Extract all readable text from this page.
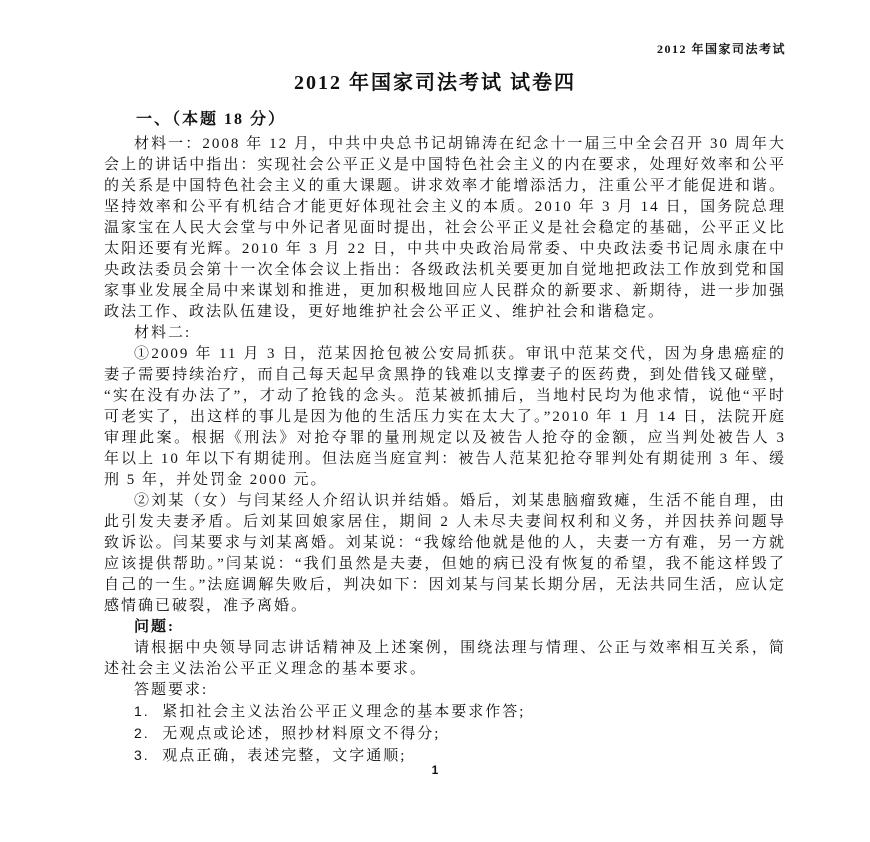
2012 年国家司法考试
2012 年国家司法考试 试卷四
一、（本题 18 分）

材料一：2008 年 12 月，中共中央总书记胡锦涛在纪念十一届三中全会召开 30 周年大会上的讲话中指出：实现社会公平正义是中国特色社会主义的内在要求，处理好效率和公平的关系是中国特色社会主义的重大课题。讲求效率才能增添活力，注重公平才能促进和谐。坚持效率和公平有机结合才能更好体现社会主义的本质。2010 年 3 月 14 日，国务院总理温家宝在人民大会堂与中外记者见面时提出，社会公平正义是社会稳定的基础，公平正义比太阳还要有光辉。2010 年 3 月 22 日，中共中央政治局常委、中央政法委书记周永康在中央政法委员会第十一次全体会议上指出：各级政法机关要更加自觉地把政法工作放到党和国家事业发展全局中来谋划和推进，更加积极地回应人民群众的新要求、新期待，进一步加强政法工作、政法队伍建设，更好地维护社会公平正义、维护社会和谐稳定。

材料二:

①2009 年 11 月 3 日，范某因抢包被公安局抓获。审讯中范某交代，因为身患癌症的妻子需要持续治疗，而自己每天起早贪黑挣的钱难以支撑妻子的医药费，到处借钱又碰壁，“实在没有办法了”，才动了抢钱的念头。范某被抓捕后，当地村民均为他求情，说他“平时可老实了，出这样的事儿是因为他的生活压力实在太大了。”2010 年 1 月 14 日，法院开庭审理此案。根据《刑法》对抢夺罪的量刑规定以及被告人抢夺的金额，应当判处被告人 3 年以上 10 年以下有期徒刑。但法庭当庭宣判：被告人范某犯抢夺罪判处有期徒刑 3 年、缓刑 5 年，并处罚金 2000 元。

②刘某（女）与闫某经人介绍认识并结婚。婚后，刘某患脑瘤致瘫，生活不能自理，由此引发夫妻矛盾。后刘某回娘家居住，期间 2 人未尽夫妻间权利和义务，并因扶养问题导致诉讼。闫某要求与刘某离婚。刘某说：“我嫁给他就是他的人，夫妻一方有难，另一方就应该提供帮助。”闫某说：“我们虽然是夫妻，但她的病已没有恢复的希望，我不能这样毁了自己的一生。”法庭调解失败后，判决如下：因刘某与闫某长期分居，无法共同生活，应认定感情确已破裂，准予离婚。

问题:

请根据中央领导同志讲话精神及上述案例，围绕法理与情理、公正与效率相互关系，简述社会主义法治公平正义理念的基本要求。

答题要求:

1. 紧扣社会主义法治公平正义理念的基本要求作答;
2. 无观点或论述，照抄材料原文不得分;
3. 观点正确，表述完整，文字通顺;
1
